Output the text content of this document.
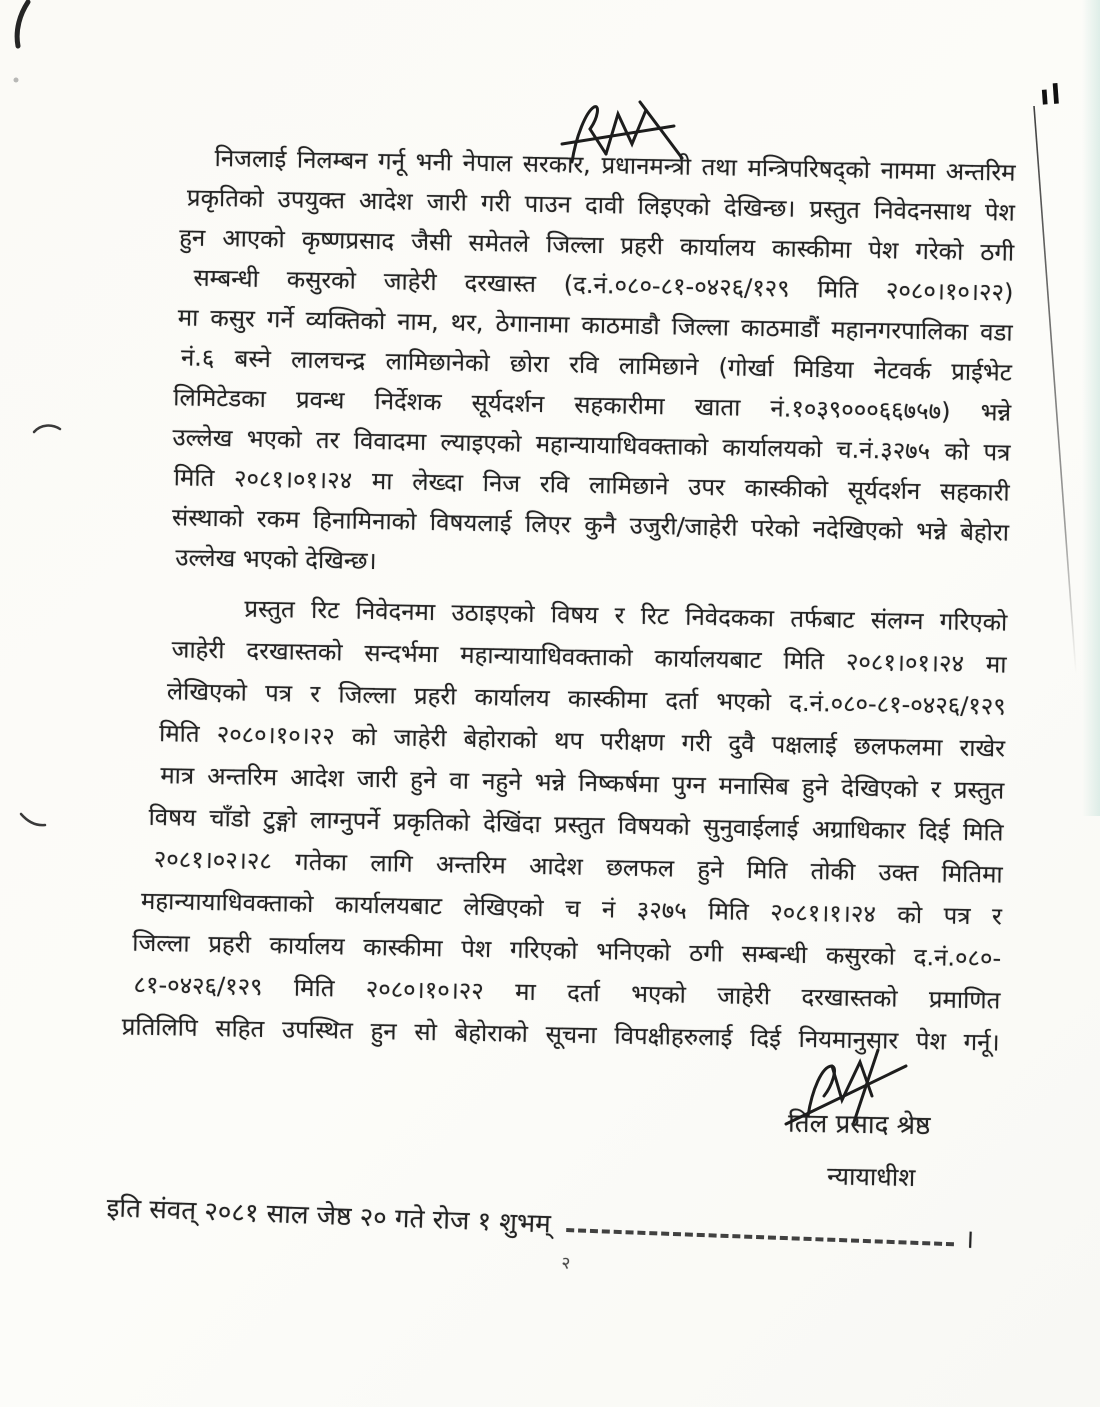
निजलाई निलम्बन गर्नू भनी नेपाल सरकार, प्रधानमन्त्री तथा मन्त्रिपरिषद्को नाममा अन्तरिम
प्रकृतिको उपयुक्त आदेश जारी गरी पाउन दावी लिइएको देखिन्छ। प्रस्तुत निवेदनसाथ पेश
हुन आएको कृष्णप्रसाद जैसी समेतले जिल्ला प्रहरी कार्यालय कास्कीमा पेश गरेको ठगी
सम्बन्धी कसुरको जाहेरी दरखास्त (द.नं.०८०-८१-०४२६/१२९ मिति २०८०।१०।२२)
मा कसुर गर्ने व्यक्तिको नाम, थर, ठेगानामा काठमाडौ जिल्ला काठमाडौं महानगरपालिका वडा
नं.६ बस्ने लालचन्द्र लामिछानेको छोरा रवि लामिछाने (गोर्खा मिडिया नेटवर्क प्राईभेट
लिमिटेडका प्रवन्ध निर्देशक सूर्यदर्शन सहकारीमा खाता नं.१०३९०००६६७५७) भन्ने
उल्लेख भएको तर विवादमा ल्याइएको महान्यायाधिवक्ताको कार्यालयको च.नं.३२७५ को पत्र
मिति २०८१।०१।२४ मा लेख्दा निज रवि लामिछाने उपर कास्कीको सूर्यदर्शन सहकारी
संस्थाको रकम हिनामिनाको विषयलाई लिएर कुनै उजुरी/जाहेरी परेको नदेखिएको भन्ने बेहोरा
उल्लेख भएको देखिन्छ।
प्रस्तुत रिट निवेदनमा उठाइएको विषय र रिट निवेदकका तर्फबाट संलग्न गरिएको
जाहेरी दरखास्तको सन्दर्भमा महान्यायाधिवक्ताको कार्यालयबाट मिति २०८१।०१।२४ मा
लेखिएको पत्र र जिल्ला प्रहरी कार्यालय कास्कीमा दर्ता भएको द.नं.०८०-८१-०४२६/१२९
मिति २०८०।१०।२२ को जाहेरी बेहोराको थप परीक्षण गरी दुवै पक्षलाई छलफलमा राखेर
मात्र अन्तरिम आदेश जारी हुने वा नहुने भन्ने निष्कर्षमा पुग्न मनासिब हुने देखिएको र प्रस्तुत
विषय चाँडो टुङ्गो लाग्नुपर्ने प्रकृतिको देखिंदा प्रस्तुत विषयको सुनुवाईलाई अग्राधिकार दिई मिति
२०८१।०२।२८ गतेका लागि अन्तरिम आदेश छलफल हुने मिति तोकी उक्त मितिमा
महान्यायाधिवक्ताको कार्यालयबाट लेखिएको च नं ३२७५ मिति २०८१।१।२४ को पत्र र
जिल्ला प्रहरी कार्यालय कास्कीमा पेश गरिएको भनिएको ठगी सम्बन्धी कसुरको द.नं.०८०-
८१-०४२६/१२९ मिति २०८०।१०।२२ मा दर्ता भएको जाहेरी दरखास्तको प्रमाणित
प्रतिलिपि सहित उपस्थित हुन सो बेहोराको सूचना विपक्षीहरुलाई दिई नियमानुसार पेश गर्नू।
तिल प्रसाद श्रेष्ठ
न्यायाधीश
इति संवत् २०८१ साल जेष्ठ २० गते रोज १ शुभम्
।
२
ıl
